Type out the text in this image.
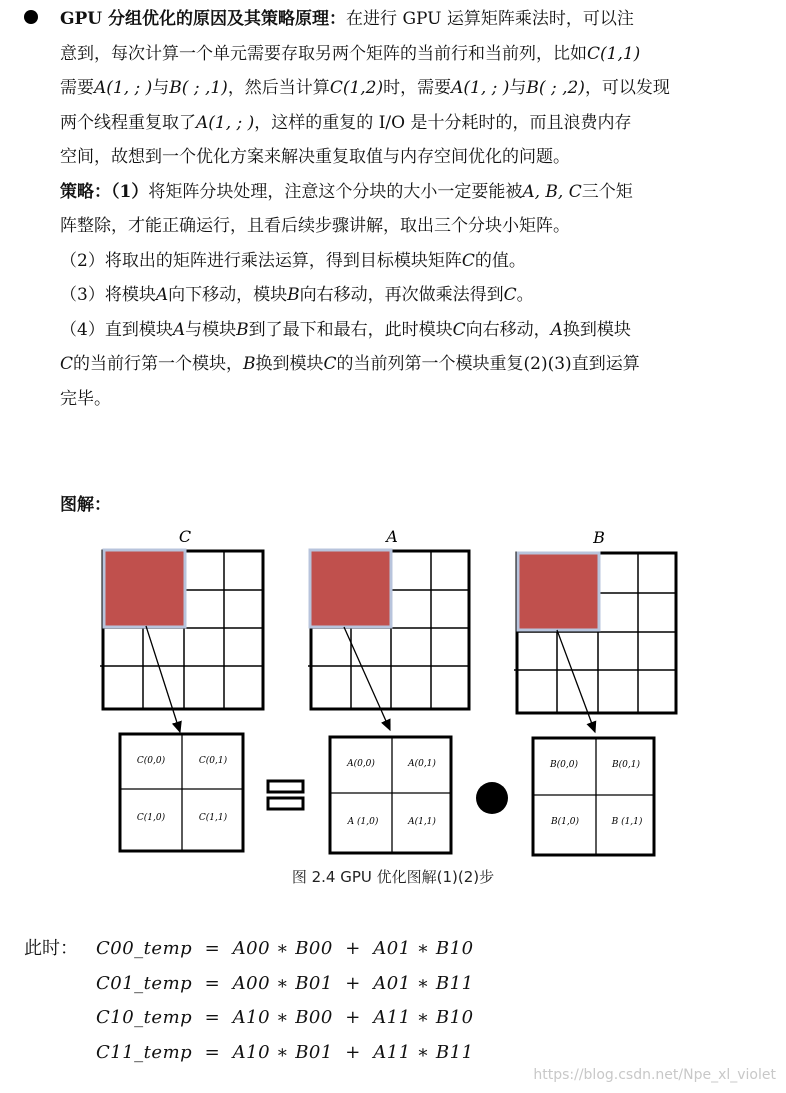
GPU 分组优化的原因及其策略原理：在进行 GPU 运算矩阵乘法时，可以注
意到，每次计算一个单元需要存取另两个矩阵的当前行和当前列，比如C(1,1)
需要A(1, ; )与B( ; ,1)，然后当计算C(1,2)时，需要A(1, ; )与B( ; ,2)，可以发现
两个线程重复取了A(1, ; )，这样的重复的 I/O 是十分耗时的，而且浪费内存
空间，故想到一个优化方案来解决重复取值与内存空间优化的问题。
策略：（1）将矩阵分块处理，注意这个分块的大小一定要能被A, B, C三个矩
阵整除，才能正确运行，且看后续步骤讲解，取出三个分块小矩阵。
（2）将取出的矩阵进行乘法运算，得到目标模块矩阵C的值。
（3）将模块A向下移动，模块B向右移动，再次做乘法得到C。
（4）直到模块A与模块B到了最下和最右，此时模块C向右移动，A换到模块
C的当前行第一个模块，B换到模块C的当前列第一个模块重复(2)(3)直到运算
完毕。
图解：
C	A	B
C(0,0)	C(0,1)
C(1,0)	C(1,1)
A(0,0)	A(0,1)
A (1,0)	A(1,1)
B(0,0)	B(0,1)
B(1,0)	B (1,1)
图 2.4 GPU 优化图解(1)(2)步
此时： C00_temp  =  A00 ∗ B00  +  A01 ∗ B10
C01_temp  =  A00 ∗ B01  +  A01 ∗ B11
C10_temp  =  A10 ∗ B00  +  A11 ∗ B10
C11_temp  =  A10 ∗ B01  +  A11 ∗ B11
https://blog.csdn.net/Npe_xl_violet
